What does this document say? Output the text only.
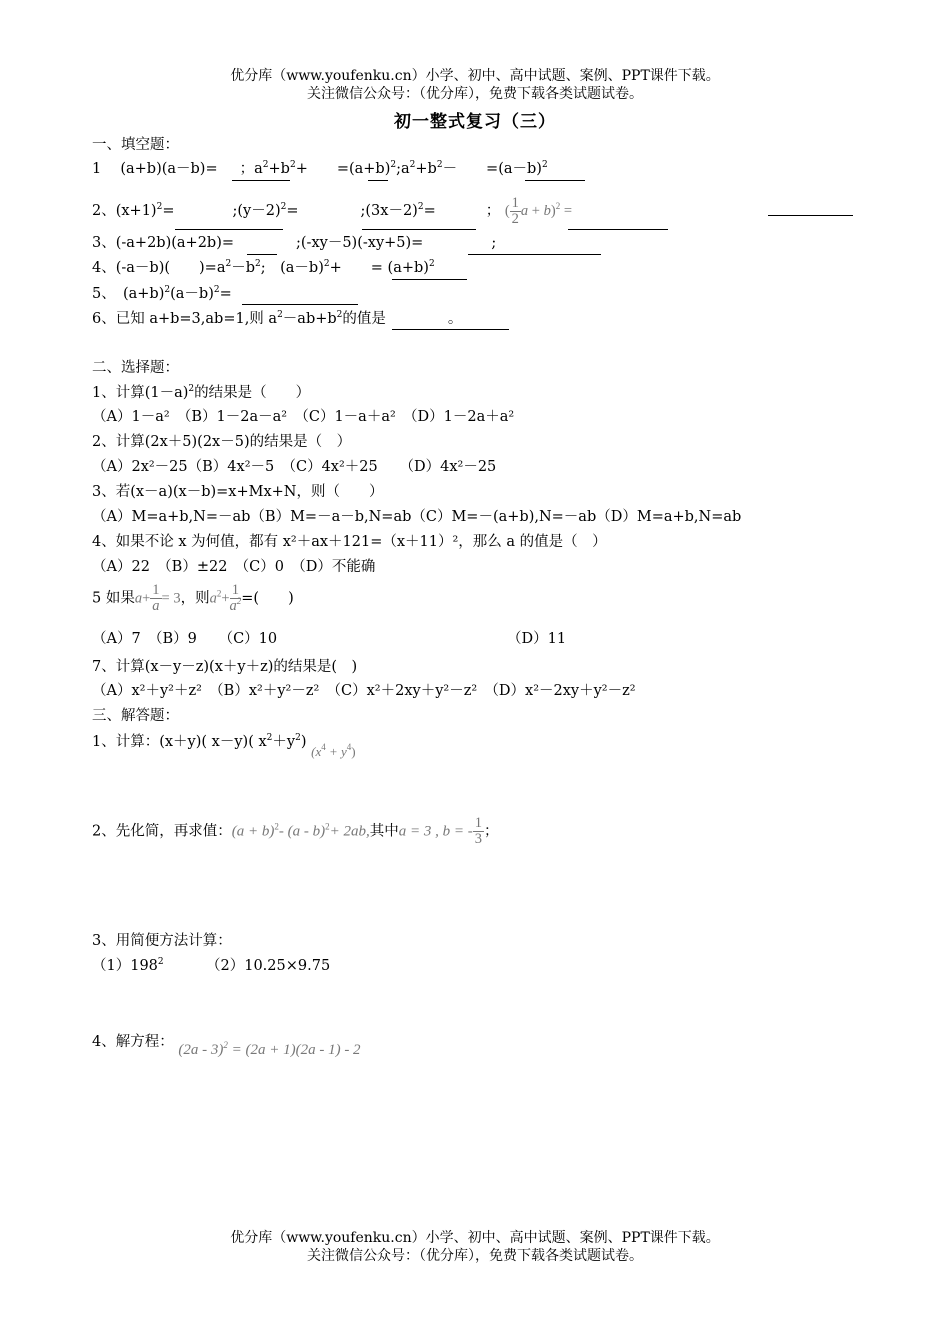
优分库（www.youfenku.cn）小学、初中、高中试题、案例、PPT课件下载。
关注微信公众号：（优分库），免费下载各类试题试卷。
初一整式复习（三）
一、填空题：
1 　(a+b)(a－b)= ；$a^2+b^2+$　　$=(a+b)^2;a^2+b^2-$　　$=(a-b)^2$
2、$(x+1)^2=$	$;(y-2)^2=$	$;(3x-2)^2=$	； ( $\frac{1}{2}$ a + b)$^2$ =
3、(-a+2b)(a+2b)=	;(-xy－5)(-xy+5)=	;
4、(-a－b)(　　)$=a^2-b^2$;　$(a-b)^2+$　　= $(a+b)^2$
5、　$(a+b)^2(a-b)^2=$
6、已知 a+b=3,ab=1,则 $a^2-ab+b^2$的值是	。
二、选择题：
1、计算$(1-a)^2$的结果是（　　）
（A）1－a²　（B）1－2a－a²　（C）1－a＋a²　（D）1－2a＋a²
2、计算(2x＋5)(2x－5)的结果是（　）
（A）2x²－25（B）4x²－5　（C）4x²＋25　　（D）4x²－25
3、若(x－a)(x－b)=x+Mx+N，则（　　）
（A）M=a+b,N=－ab（B）M=－a－b,N=ab（C）M=－(a+b),N=－ab（D）M=a+b,N=ab
4、如果不论 x 为何值，都有 x²＋ax＋121=（x＋11）²，那么 a 的值是（　）
（A）22　（B）±22　（C）0　（D）不能确
5 如果$a+ \frac{1}{a} = 3$，则$a^2+ \frac{1}{a^2}$ =(　　)
（A）7　（B）9　　（C）10	（D）11
7、计算(x－y－z)(x＋y＋z)的结果是(　)
（A）x²＋y²＋z²　（B）x²＋y²－z²　（C）x²＋2xy＋y²－z²　（D）x²－2xy＋y²－z²
三、解答题：
1、计算：(x＋y)( x－y)( $x^2+y^2$) $(x^4 + y^4)$
2、先化简，再求值：$(a + b)^2-$ (a - b)$^2$+ 2ab,其中a = 3 , b = - $\frac{1}{3}$ ；
3、用简便方法计算：
$(1)198^2$	（2）10.25×9.75
4、解方程： (2a - 3)$^2$ = (2a + 1)(2a - 1) - 2
优分库（www.youfenku.cn）小学、初中、高中试题、案例、PPT课件下载。
关注微信公众号：（优分库），免费下载各类试题试卷。
